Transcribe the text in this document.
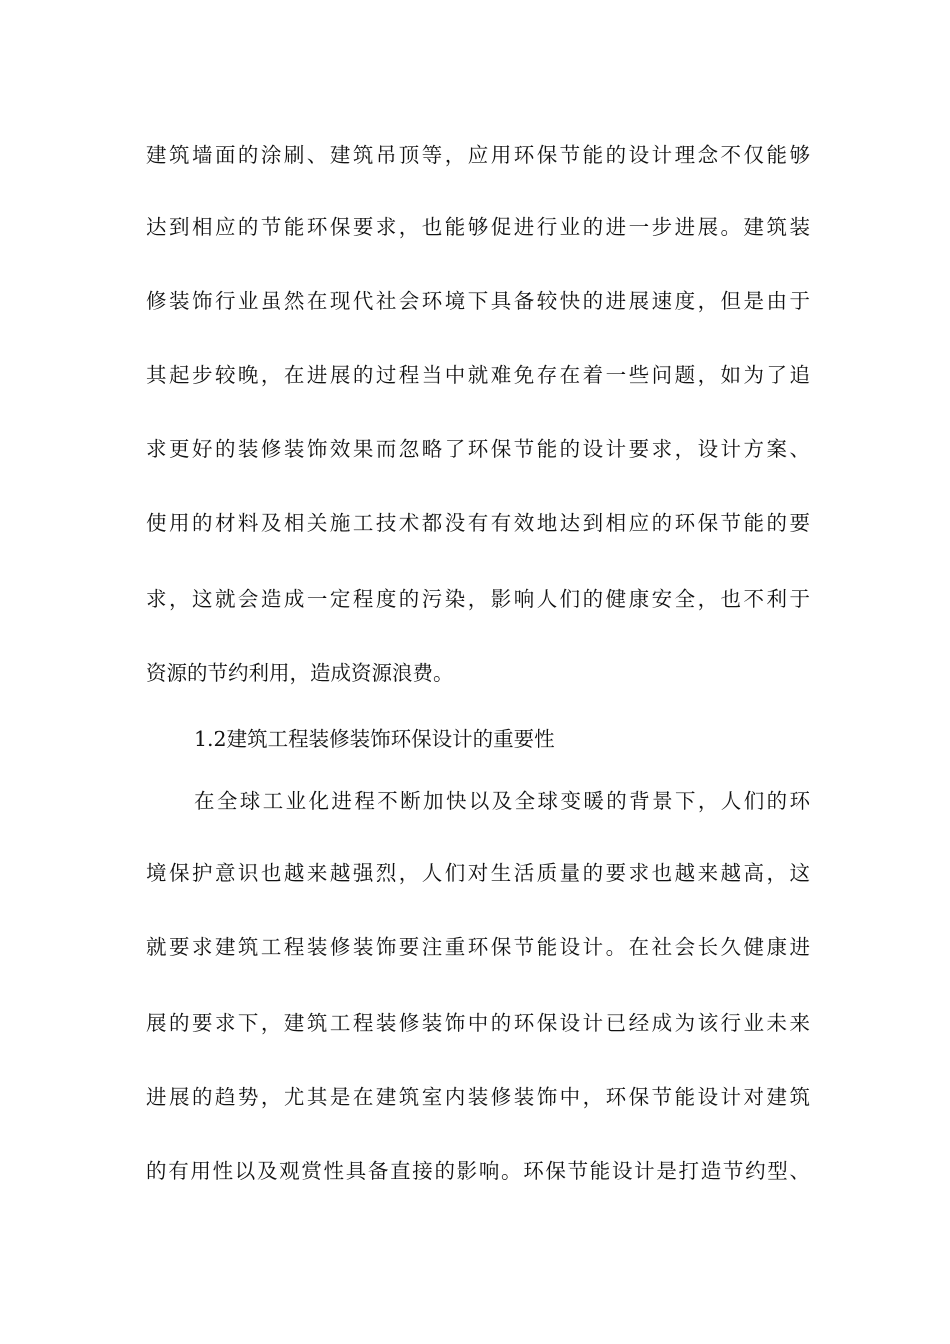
建筑墙面的涂刷、建筑吊顶等，应用环保节能的设计理念不仅能够
达到相应的节能环保要求，也能够促进行业的进一步进展。建筑装
修装饰行业虽然在现代社会环境下具备较快的进展速度，但是由于
其起步较晚，在进展的过程当中就难免存在着一些问题，如为了追
求更好的装修装饰效果而忽略了环保节能的设计要求，设计方案、
使用的材料及相关施工技术都没有有效地达到相应的环保节能的要
求，这就会造成一定程度的污染，影响人们的健康安全，也不利于
资源的节约利用，造成资源浪费。
1.2建筑工程装修装饰环保设计的重要性
在全球工业化进程不断加快以及全球变暖的背景下，人们的环
境保护意识也越来越强烈，人们对生活质量的要求也越来越高，这
就要求建筑工程装修装饰要注重环保节能设计。在社会长久健康进
展的要求下，建筑工程装修装饰中的环保设计已经成为该行业未来
进展的趋势，尤其是在建筑室内装修装饰中，环保节能设计对建筑
的有用性以及观赏性具备直接的影响。环保节能设计是打造节约型、
